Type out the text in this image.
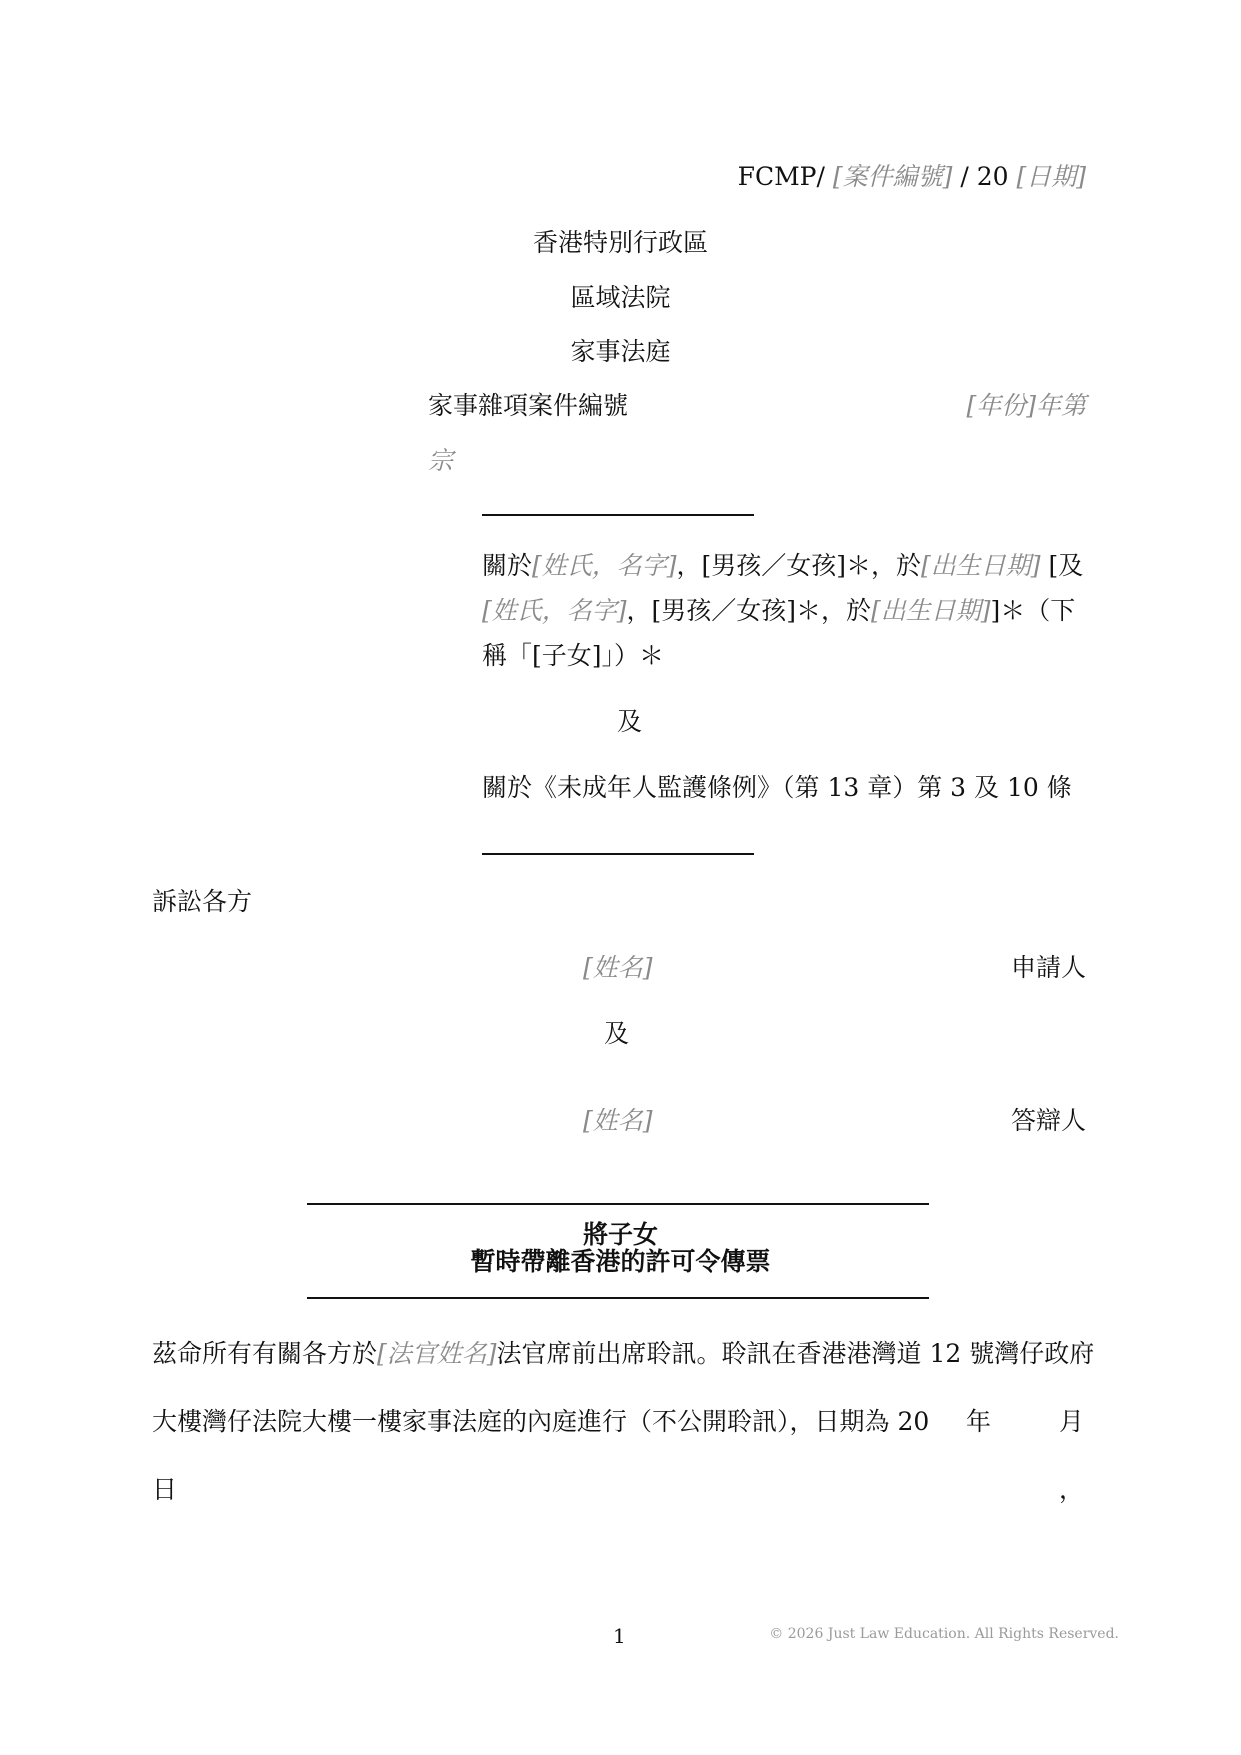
FCMP/ [案件編號] / 20 [日期]
香港特別行政區
區域法院
家事法庭
家事雜項案件編號	[年份]年第
宗
關於[姓氏，名字]，[男孩／女孩]＊，於[出生日期] [及
[姓氏，名字]，[男孩／女孩]＊，於[出生日期]]＊（下
稱「[子女]」）＊
及
關於《未成年人監護條例》（第 13 章）第 3 及 10 條
訴訟各方
[姓名]	申請人
及
[姓名]	答辯人
將子女
暫時帶離香港的許可令傳票
茲命所有有關各方於[法官姓名]法官席前出席聆訊。聆訊在香港港灣道 12 號灣仔政府
大樓灣仔法院大樓一樓家事法庭的內庭進行（不公開聆訊），日期為 20 年	月
日	，
1	© 2026 Just Law Education. All Rights Reserved.
